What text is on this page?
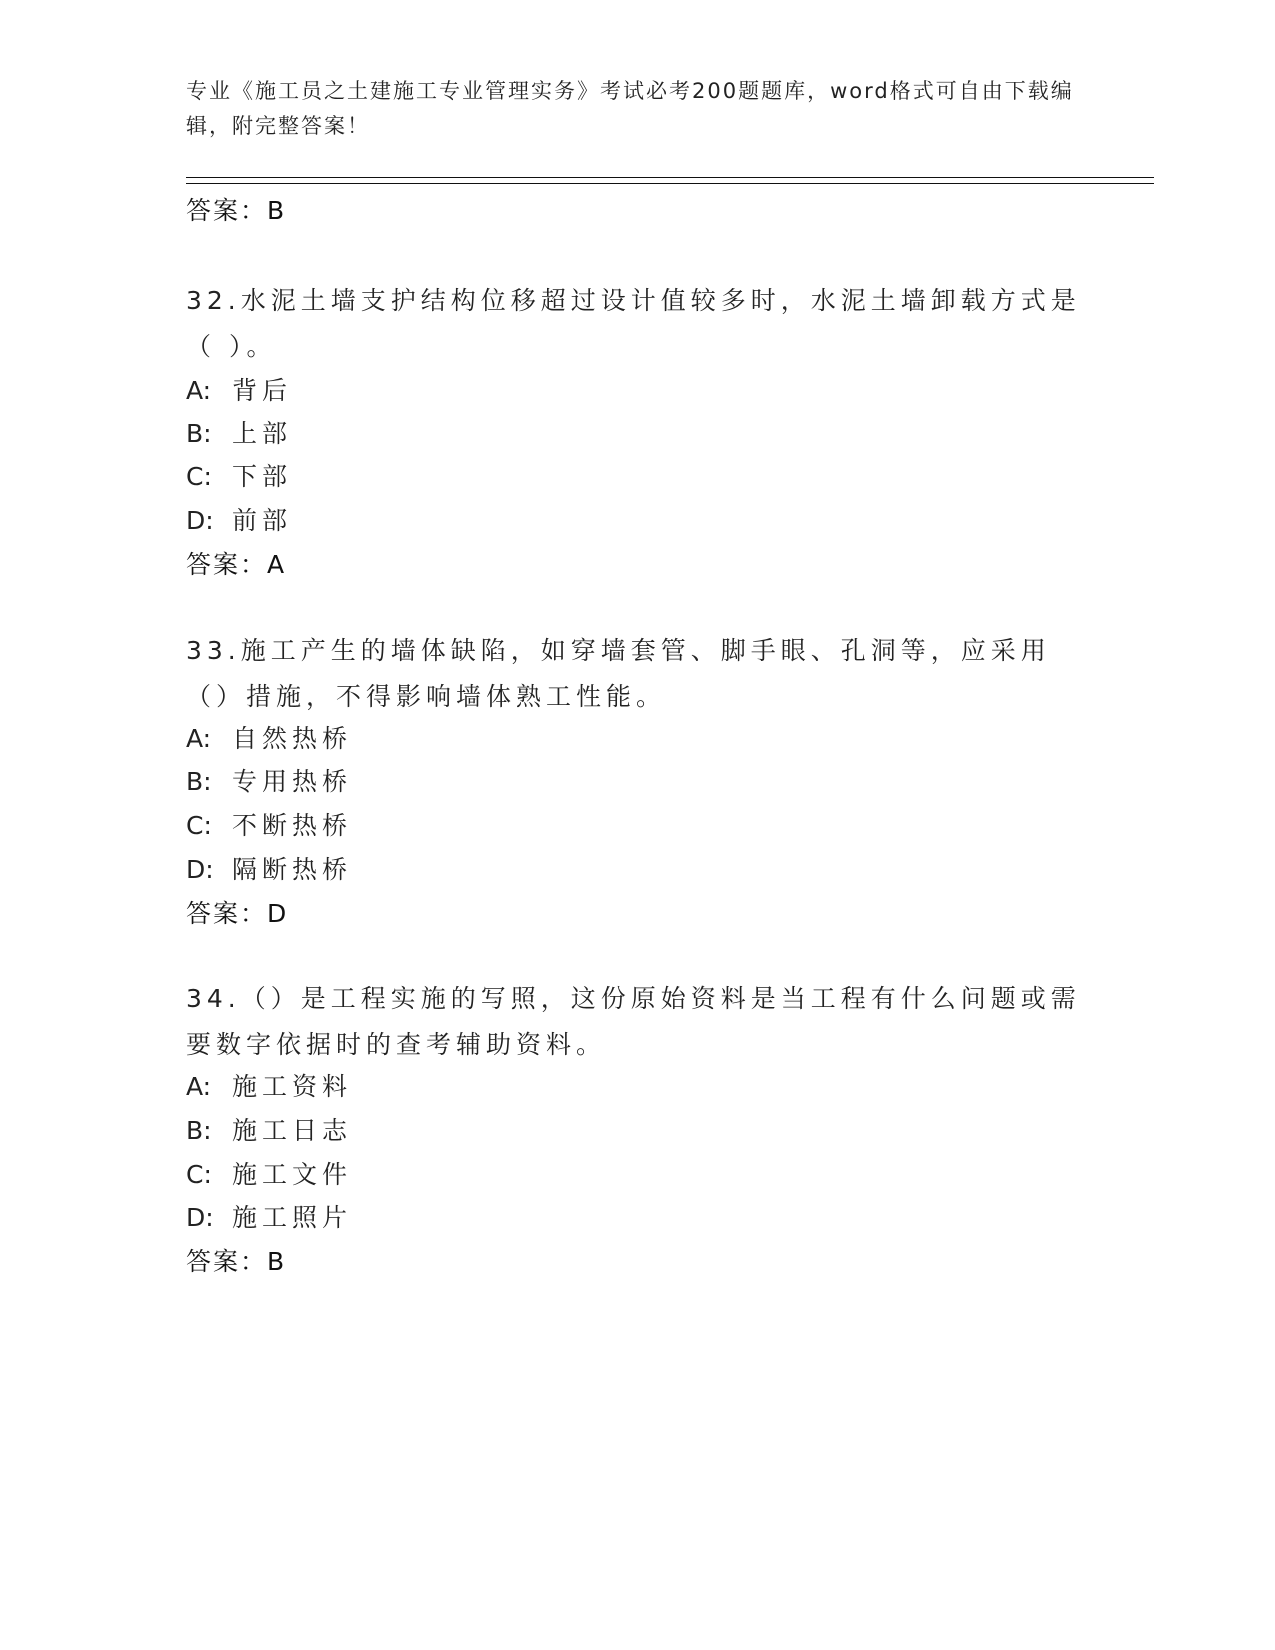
专业《施工员之土建施工专业管理实务》考试必考200题题库，word格式可自由下载编辑，附完整答案！
答案：B
32.水泥土墙支护结构位移超过设计值较多时，水泥土墙卸载方式是（ ）。
A: 背后
B: 上部
C: 下部
D: 前部
答案：A
33.施工产生的墙体缺陷，如穿墙套管、脚手眼、孔洞等，应采用（）措施，不得影响墙体熟工性能。
A: 自然热桥
B: 专用热桥
C: 不断热桥
D: 隔断热桥
答案：D
34.（）是工程实施的写照，这份原始资料是当工程有什么问题或需要数字依据时的查考辅助资料。
A: 施工资料
B: 施工日志
C: 施工文件
D: 施工照片
答案：B
